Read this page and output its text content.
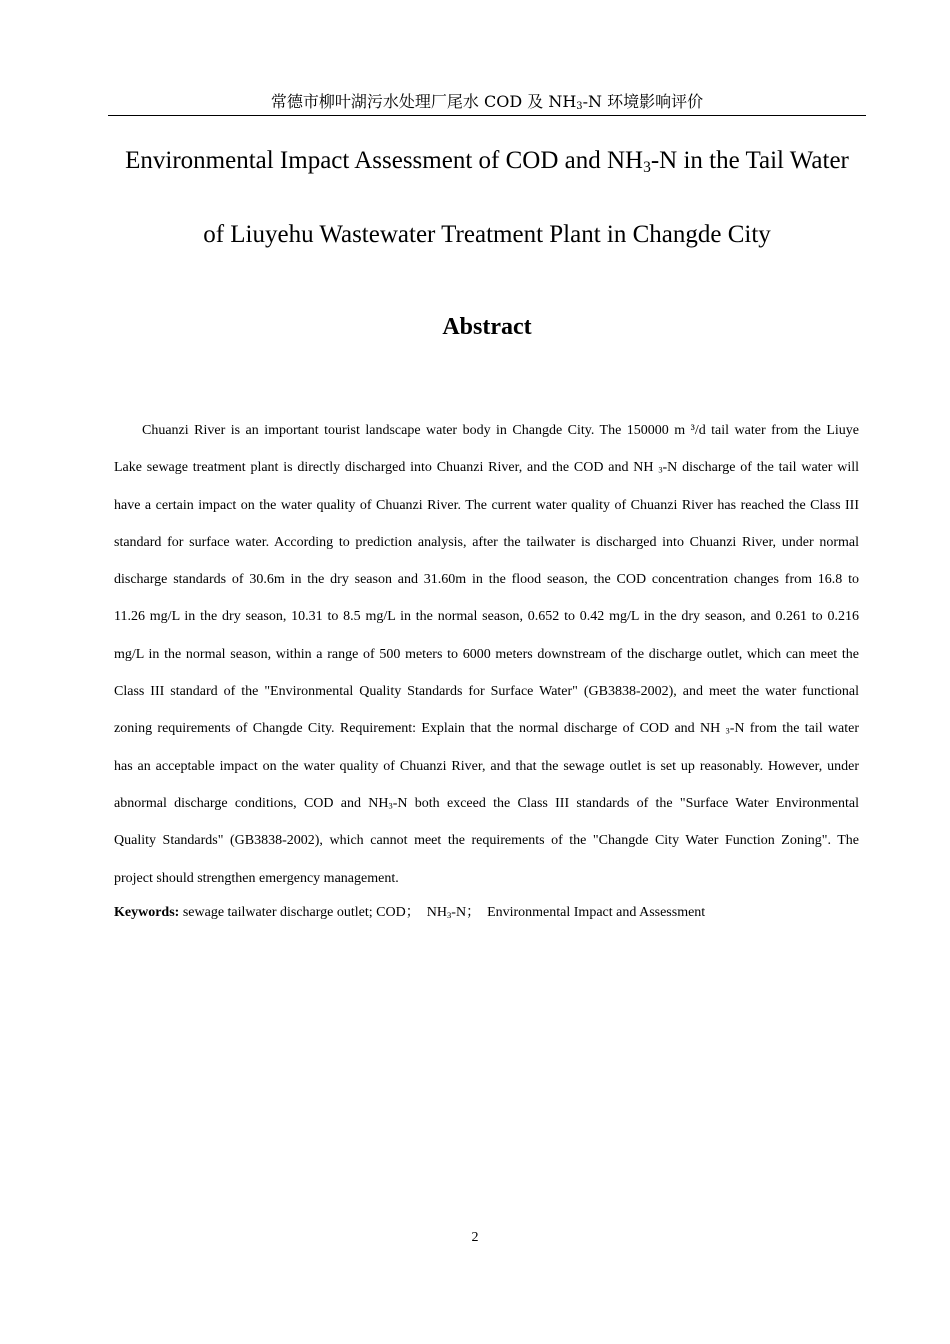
常德市柳叶湖污水处理厂尾水 COD 及 $NH_3-N$ 环境影响评价
Environmental Impact Assessment of COD and $NH_3-N$ in the Tail Water
of Liuyehu Wastewater Treatment Plant in Changde City
Abstract
Chuanzi River is an important tourist landscape water body in Changde City. The 150000 m ³/d tail water from the Liuye
Lake sewage treatment plant is directly discharged into Chuanzi River, and the COD and NH $_3$-N discharge of the tail water will
have a certain impact on the water quality of Chuanzi River. The current water quality of Chuanzi River has reached the Class III
standard for surface water. According to prediction analysis, after the tailwater is discharged into Chuanzi River, under normal
discharge standards of 30.6m in the dry season and 31.60m in the flood season, the COD concentration changes from 16.8 to
11.26 mg/L in the dry season, 10.31 to 8.5 mg/L in the normal season, 0.652 to 0.42 mg/L in the dry season, and 0.261 to 0.216
mg/L in the normal season, within a range of 500 meters to 6000 meters downstream of the discharge outlet, which can meet the
Class III standard of the "Environmental Quality Standards for Surface Water" (GB3838-2002), and meet the water functional
zoning requirements of Changde City. Requirement: Explain that the normal discharge of COD and NH $_3$-N from the tail water
has an acceptable impact on the water quality of Chuanzi River, and that the sewage outlet is set up reasonably. However, under
abnormal discharge conditions, COD and $NH_3-N$ both exceed the Class III standards of the "Surface Water Environmental
Quality Standards" (GB3838-2002), which cannot meet the requirements of the "Changde City Water Function Zoning". The
project should strengthen emergency management.
Keywords: sewage tailwater discharge outlet; COD；  $NH_3-N$；  Environmental Impact and Assessment
2
